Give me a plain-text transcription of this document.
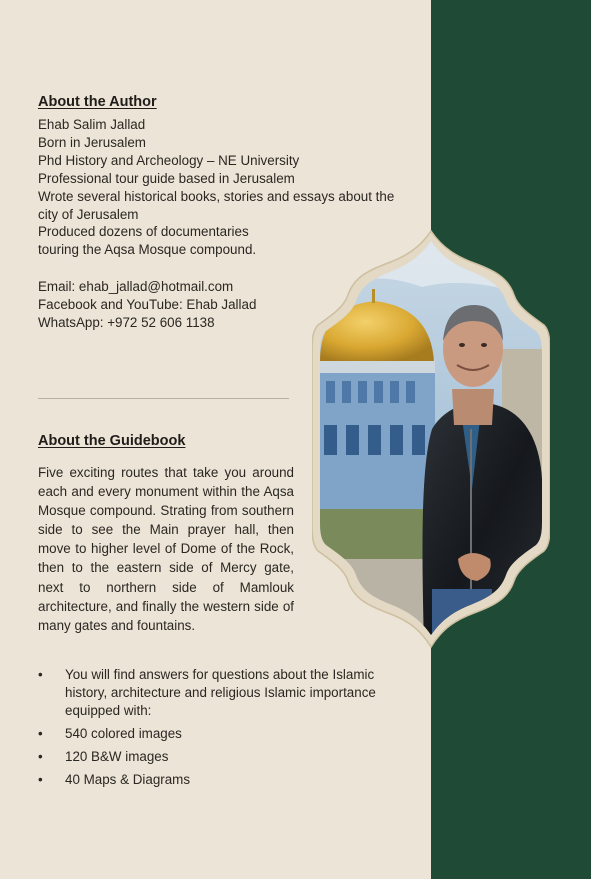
About the Author
Ehab Salim Jallad
Born in Jerusalem
Phd History and Archeology – NE University
Professional tour guide based in Jerusalem
Wrote several historical books, stories and essays about the city of Jerusalem
Produced dozens of documentaries
touring the Aqsa Mosque compound.
Email: ehab_jallad@hotmail.com
Facebook and YouTube: Ehab Jallad
WhatsApp: +972 52 606 1138
About the Guidebook

Five exciting routes that take you around each and every monument within the Aqsa Mosque compound. Strating from southern side to see the Main prayer hall, then move to higher level of Dome of the Rock, then to the eastern side of Mercy gate, next to northern side of Mamlouk architecture, and finally the western side of many gates and fountains.

• You will find answers for questions about the Islamic history, architecture and religious Islamic importance equipped with:
• 540 colored images
• 120 B&W images
• 40 Maps & Diagrams
